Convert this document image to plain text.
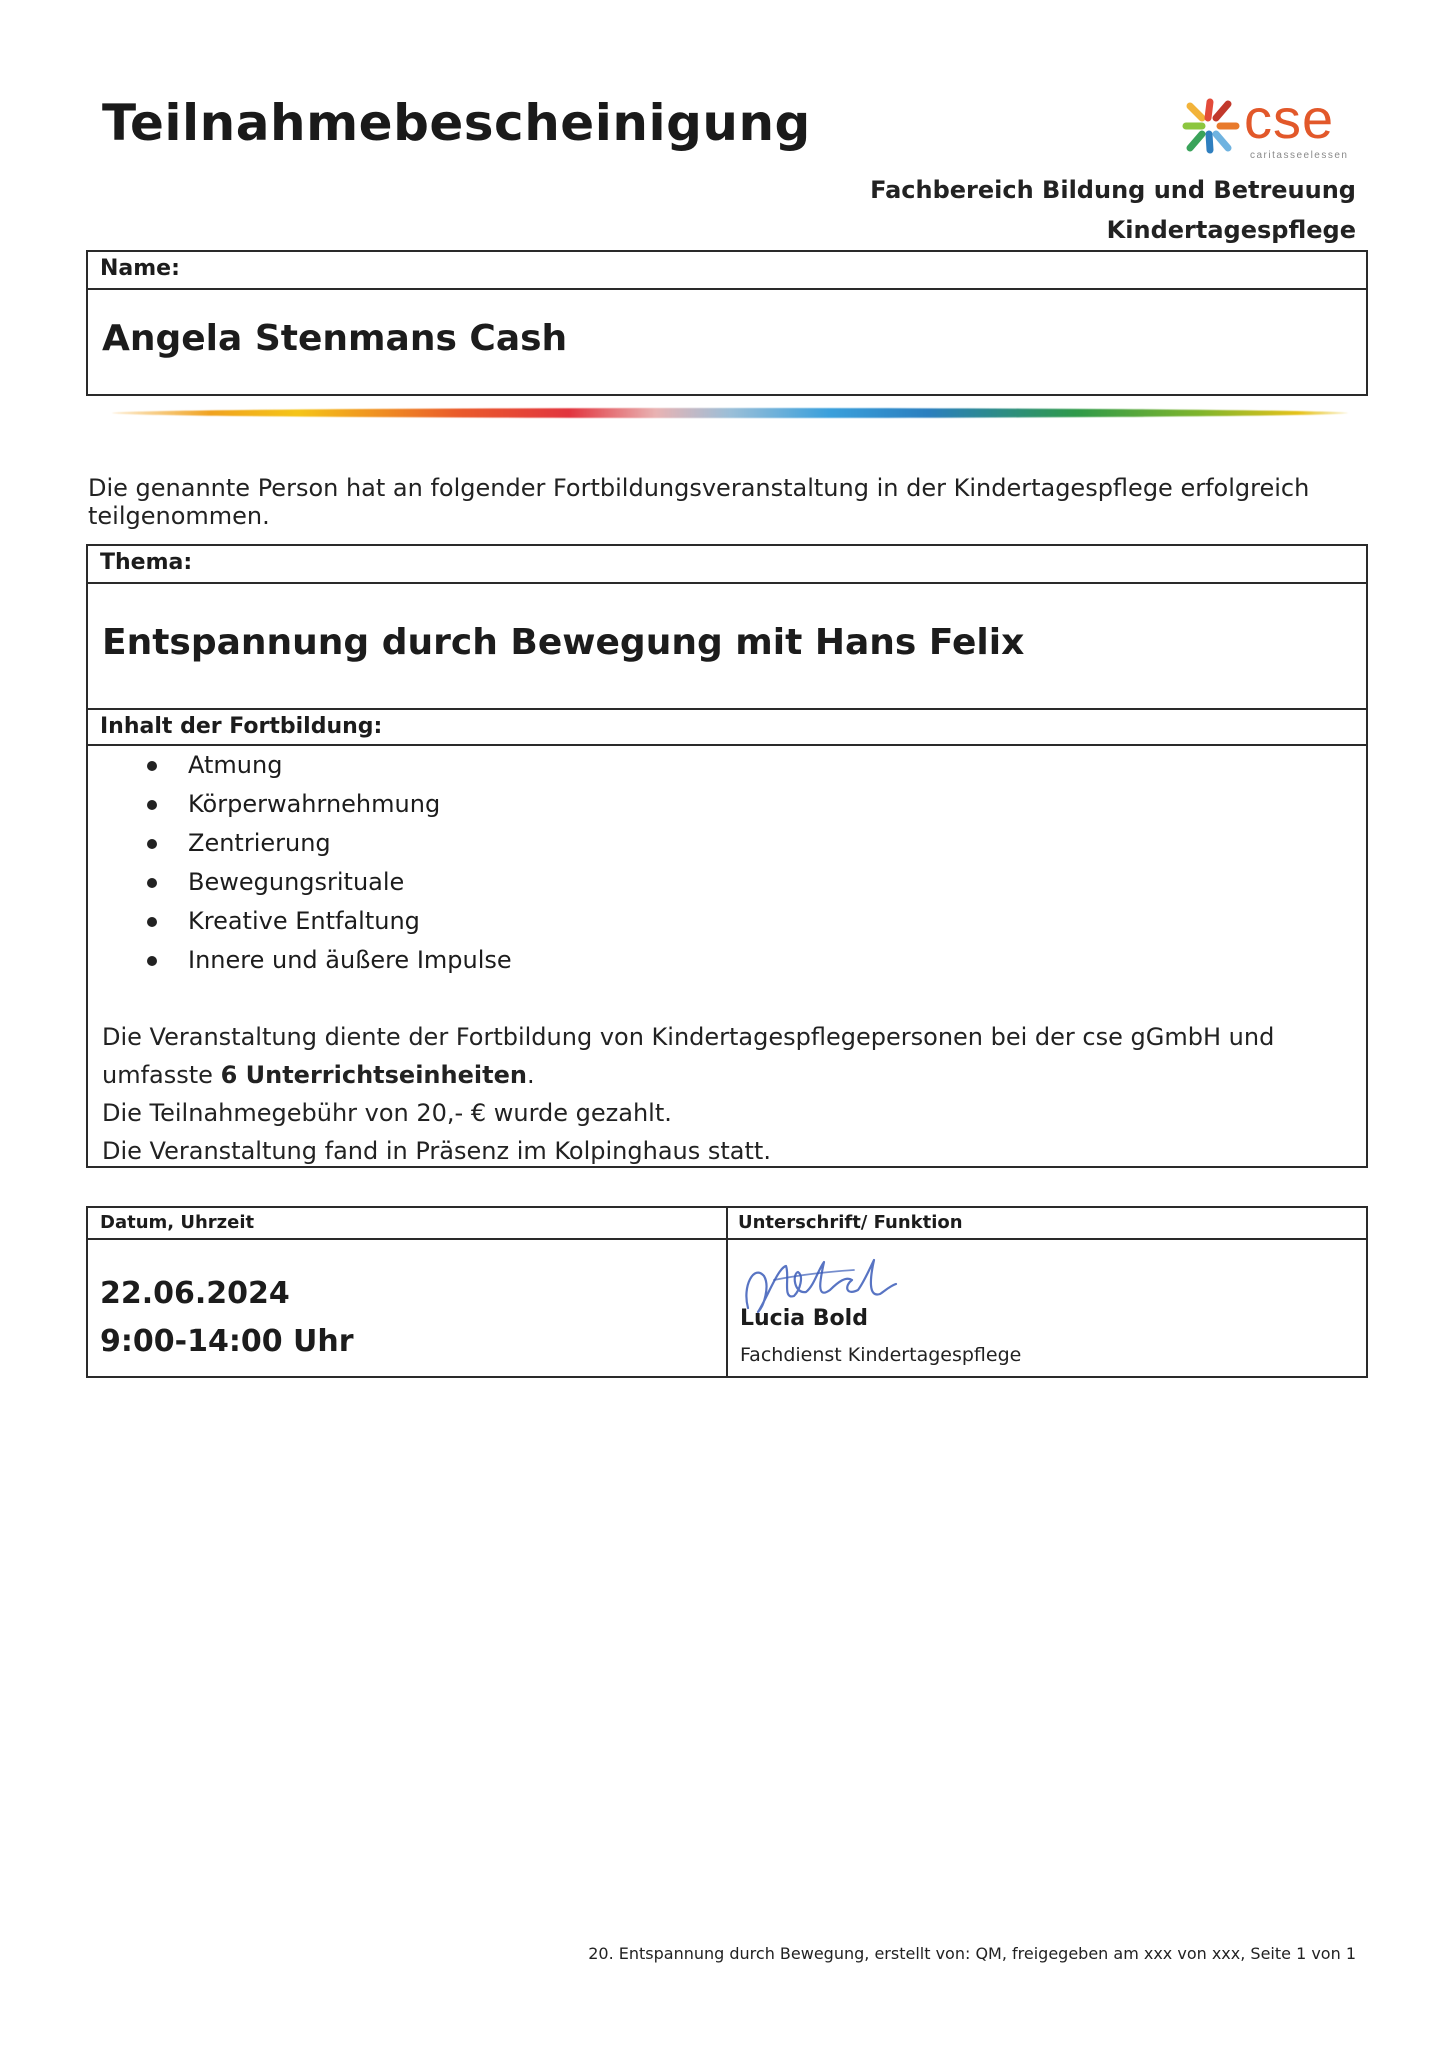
Teilnahmebescheinigung	cse
caritasseelessen
Fachbereich Bildung und Betreuung
Kindertagespflege
Name:
Angela Stenmans Cash
Die genannte Person hat an folgender Fortbildungsveranstaltung in der Kindertagespflege erfolgreich teilgenommen.
Thema:
Entspannung durch Bewegung mit Hans Felix
Inhalt der Fortbildung:
Atmung
Körperwahrnehmung
Zentrierung
Bewegungsrituale
Kreative Entfaltung
Innere und äußere Impulse
Die Veranstaltung diente der Fortbildung von Kindertagespflegepersonen bei der cse gGmbH und umfasste 6 Unterrichtseinheiten.
Die Teilnahmegebühr von 20,- € wurde gezahlt.
Die Veranstaltung fand in Präsenz im Kolpinghaus statt.
Datum, Uhrzeit	Unterschrift/ Funktion
22.06.2024
9:00-14:00 Uhr
Lucia Bold
Fachdienst Kindertagespflege
20. Entspannung durch Bewegung, erstellt von: QM, freigegeben am xxx von xxx, Seite 1 von 1
